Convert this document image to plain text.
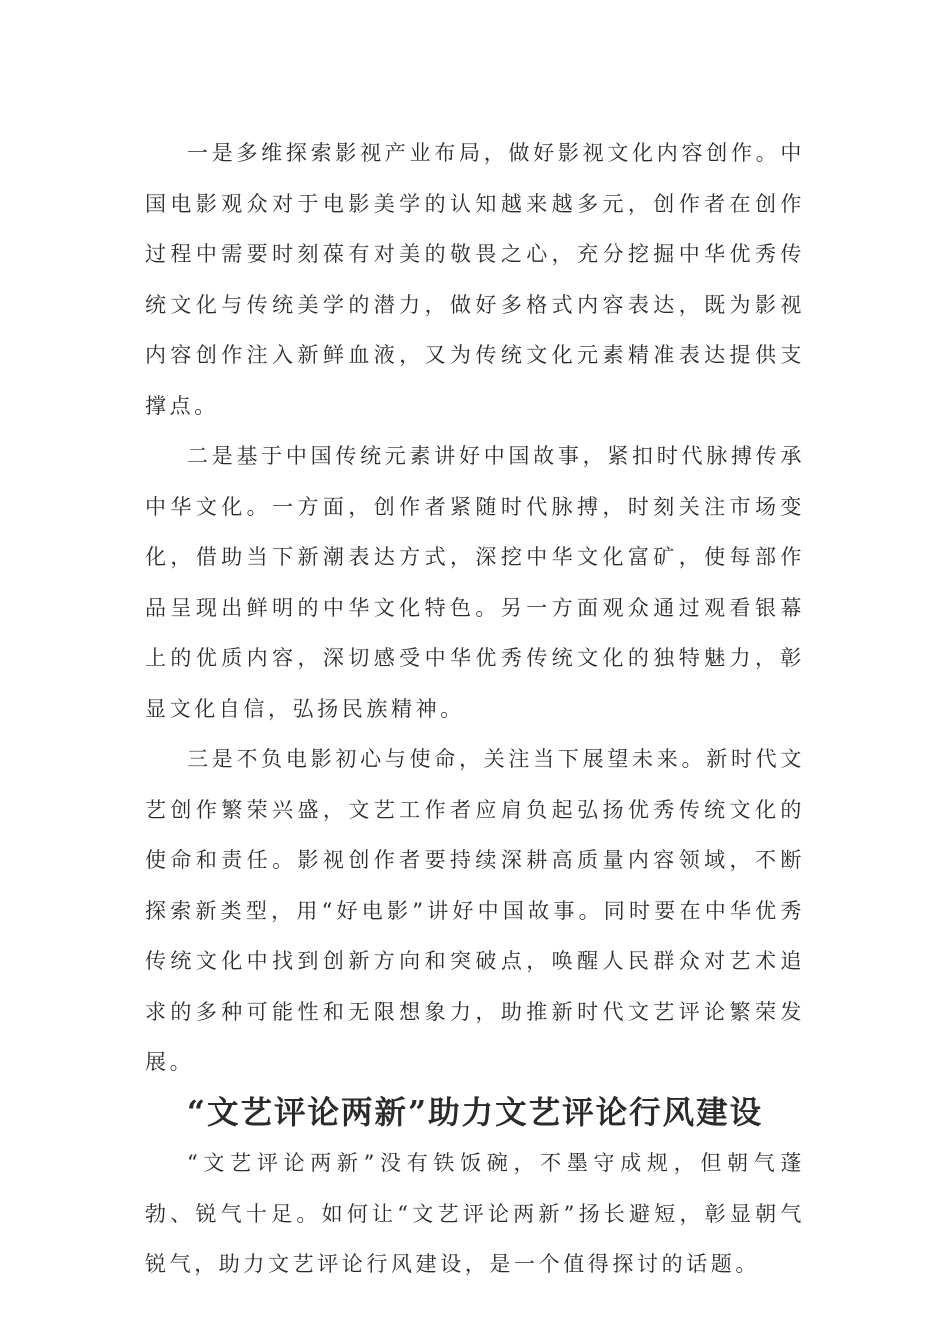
一是多维探索影视产业布局，做好影视文化内容创作。中国电影观众对于电影美学的认知越来越多元，创作者在创作过程中需要时刻葆有对美的敬畏之心，充分挖掘中华优秀传统文化与传统美学的潜力，做好多格式内容表达，既为影视内容创作注入新鲜血液，又为传统文化元素精准表达提供支撑点。

二是基于中国传统元素讲好中国故事，紧扣时代脉搏传承中华文化。一方面，创作者紧随时代脉搏，时刻关注市场变化，借助当下新潮表达方式，深挖中华文化富矿，使每部作品呈现出鲜明的中华文化特色。另一方面观众通过观看银幕上的优质内容，深切感受中华优秀传统文化的独特魅力，彰显文化自信，弘扬民族精神。

三是不负电影初心与使命，关注当下展望未来。新时代文艺创作繁荣兴盛，文艺工作者应肩负起弘扬优秀传统文化的使命和责任。影视创作者要持续深耕高质量内容领域，不断探索新类型，用“好电影”讲好中国故事。同时要在中华优秀传统文化中找到创新方向和突破点，唤醒人民群众对艺术追求的多种可能性和无限想象力，助推新时代文艺评论繁荣发展。

“文艺评论两新”助力文艺评论行风建设

“文艺评论两新”没有铁饭碗，不墨守成规，但朝气蓬勃、锐气十足。如何让“文艺评论两新”扬长避短，彰显朝气锐气，助力文艺评论行风建设，是一个值得探讨的话题。
